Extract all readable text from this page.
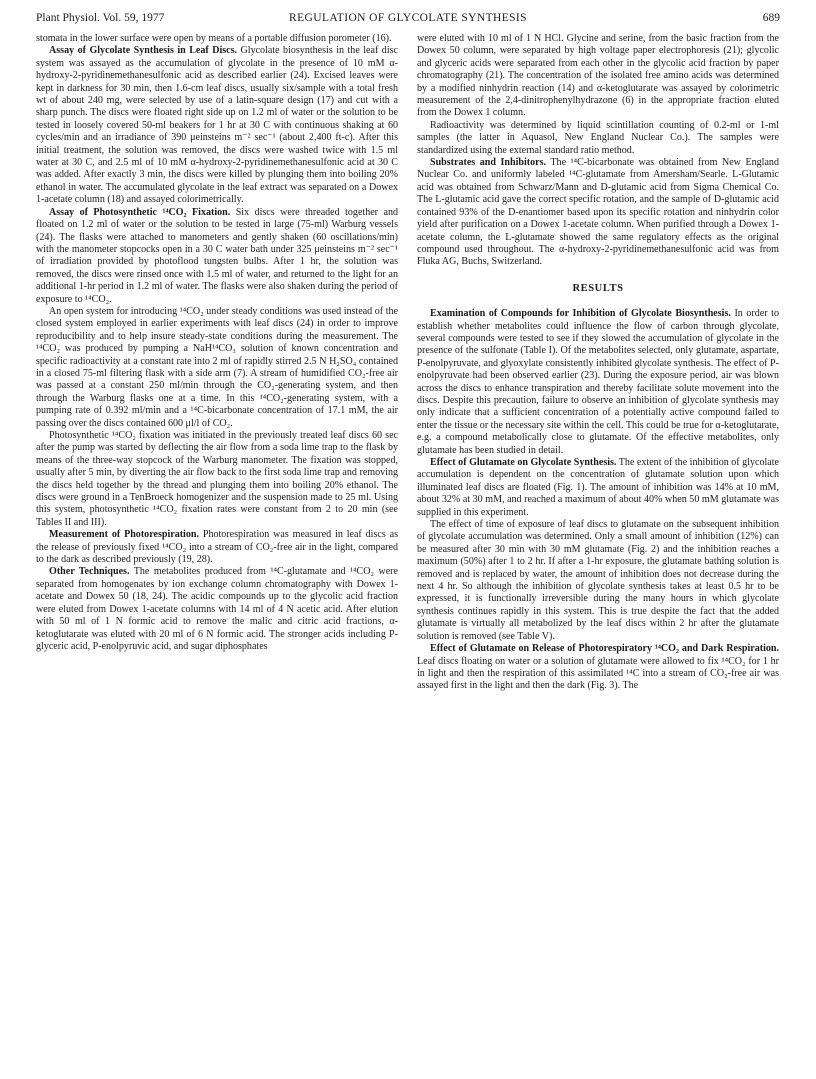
Plant Physiol. Vol. 59, 1977	REGULATION OF GLYCOLATE SYNTHESIS	689

stomata in the lower surface were open by means of a portable diffusion porometer (16).

Assay of Glycolate Synthesis in Leaf Discs. Glycolate biosynthesis in the leaf disc system was assayed as the accumulation of glycolate in the presence of 10 mM α-hydroxy-2-pyridinemethanesulfonic acid as described earlier (24). Excised leaves were kept in darkness for 30 min, then 1.6-cm leaf discs, usually six/sample with a total fresh wt of about 240 mg, were selected by use of a latin-square design (17) and cut with a sharp punch. The discs were floated right side up on 1.2 ml of water or the solution to be tested in loosely covered 50-ml beakers for 1 hr at 30 C with continuous shaking at 60 cycles/min and an irradiance of 390 μeinsteins m⁻² sec⁻¹ (about 2,400 ft-c). After this initial treatment, the solution was removed, the discs were washed twice with 1.5 ml water at 30 C, and 2.5 ml of 10 mM α-hydroxy-2-pyridinemethanesulfonic acid at 30 C was added. After exactly 3 min, the discs were killed by plunging them into boiling 20% ethanol in water. The accumulated glycolate in the leaf extract was separated on a Dowex 1-acetate column (18) and assayed colorimetrically.

Assay of Photosynthetic ¹⁴CO₂ Fixation. Six discs were threaded together and floated on 1.2 ml of water or the solution to be tested in large (75-ml) Warburg vessels (24). The flasks were attached to manometers and gently shaken (60 oscillations/min) with the manometer stopcocks open in a 30 C water bath under 325 μeinsteins m⁻² sec⁻¹ of irradiation provided by photoflood tungsten bulbs. After 1 hr, the solution was removed, the discs were rinsed once with 1.5 ml of water, and returned to the light for an additional 1-hr period in 1.2 ml of water. The flasks were also shaken during the period of exposure to ¹⁴CO₂.

An open system for introducing ¹⁴CO₂ under steady conditions was used instead of the closed system employed in earlier experiments with leaf discs (24) in order to improve reproducibility and to help insure steady-state conditions during the measurement. The ¹⁴CO₂ was produced by pumping a NaH¹⁴CO₃ solution of known concentration and specific radioactivity at a constant rate into 2 ml of rapidly stirred 2.5 N H₂SO₄ contained in a closed 75-ml filtering flask with a side arm (7). A stream of humidified CO₂-free air was passed at a constant 250 ml/min through the CO₂-generating system, and then through the Warburg flasks one at a time. In this ¹⁴CO₂-generating system, with a pumping rate of 0.392 ml/min and a ¹⁴C-bicarbonate concentration of 17.1 mM, the air passing over the discs contained 600 μl/l of CO₂.

Photosynthetic ¹⁴CO₂ fixation was initiated in the previously treated leaf discs 60 sec after the pump was started by deflecting the air flow from a soda lime trap to the flask by means of the three-way stopcock of the Warburg manometer. The fixation was stopped, usually after 5 min, by diverting the air flow back to the first soda lime trap and removing the discs held together by the thread and plunging them into boiling 20% ethanol. The discs were ground in a TenBroeck homogenizer and the suspension made to 25 ml. Using this system, photosynthetic ¹⁴CO₂ fixation rates were constant from 2 to 20 min (see Tables II and III).

Measurement of Photorespiration. Photorespiration was measured in leaf discs as the release of previously fixed ¹⁴CO₂ into a stream of CO₂-free air in the light, compared to the dark as described previously (19, 28).

Other Techniques. The metabolites produced from ¹⁴C-glutamate and ¹⁴CO₂ were separated from homogenates by ion exchange column chromatography with Dowex 1-acetate and Dowex 50 (18, 24). The acidic compounds up to the glycolic acid fraction were eluted from Dowex 1-acetate columns with 14 ml of 4 N acetic acid. After elution with 50 ml of 1 N formic acid to remove the malic and citric acid fractions, α-ketoglutarate was eluted with 20 ml of 6 N formic acid. The stronger acids including P-glyceric acid, P-enolpyruvic acid, and sugar diphosphates

were eluted with 10 ml of 1 N HCl. Glycine and serine, from the basic fraction from the Dowex 50 column, were separated by high voltage paper electrophoresis (21); glycolic and glyceric acids were separated from each other in the glycolic acid fraction by paper chromatography (21). The concentration of the isolated free amino acids was determined by a modified ninhydrin reaction (14) and α-ketoglutarate was assayed by colorimetric measurement of the 2,4-dinitrophenylhydrazone (6) in the appropriate fraction eluted from the Dowex 1 column.

Radioactivity was determined by liquid scintillation counting of 0.2-ml or 1-ml samples (the latter in Aquasol, New England Nuclear Co.). The samples were standardized using the external standard ratio method.

Substrates and Inhibitors. The ¹⁴C-bicarbonate was obtained from New England Nuclear Co. and uniformly labeled ¹⁴C-glutamate from Amersham/Searle. L-Glutamic acid was obtained from Schwarz/Mann and D-glutamic acid from Sigma Chemical Co. The L-glutamic acid gave the correct specific rotation, and the sample of D-glutamic acid contained 93% of the D-enantiomer based upon its specific rotation and ninhydrin color yield after purification on a Dowex 1-acetate column. When purified through a Dowex 1-acetate column, the L-glutamate showed the same regulatory effects as the original compound used throughout. The α-hydroxy-2-pyridinemethanesulfonic acid was from Fluka AG, Buchs, Switzerland.

RESULTS

Examination of Compounds for Inhibition of Glycolate Biosynthesis. In order to establish whether metabolites could influence the flow of carbon through glycolate, several compounds were tested to see if they slowed the accumulation of glycolate in the presence of the sulfonate (Table I). Of the metabolites selected, only glutamate, aspartate, P-enolpyruvate, and glyoxylate consistently inhibited glycolate synthesis. The effect of P-enolpyruvate had been observed earlier (23). During the exposure period, air was blown across the discs to enhance transpiration and thereby facilitate solute movement into the discs. Despite this precaution, failure to observe an inhibition of glycolate synthesis may only indicate that a sufficient concentration of a potentially active compound failed to enter the tissue or the necessary site within the cell. This could be true for α-ketoglutarate, e.g. a compound metabolically close to glutamate. Of the effective metabolites, only glutamate has been studied in detail.

Effect of Glutamate on Glycolate Synthesis. The extent of the inhibition of glycolate accumulation is dependent on the concentration of glutamate solution upon which illuminated leaf discs are floated (Fig. 1). The amount of inhibition was 14% at 10 mM, about 32% at 30 mM, and reached a maximum of about 40% when 50 mM glutamate was supplied in this experiment.

The effect of time of exposure of leaf discs to glutamate on the subsequent inhibition of glycolate accumulation was determined. Only a small amount of inhibition (12%) can be measured after 30 min with 30 mM glutamate (Fig. 2) and the inhibition reaches a maximum (50%) after 1 to 2 hr. If after a 1-hr exposure, the glutamate bathing solution is removed and is replaced by water, the amount of inhibition does not decrease during the next 4 hr. So although the inhibition of glycolate synthesis takes at least 0.5 hr to be expressed, it is functionally irreversible during the many hours in which glycolate synthesis continues rapidly in this system. This is true despite the fact that the added glutamate is virtually all metabolized by the leaf discs within 2 hr after the glutamate solution is removed (see Table V).

Effect of Glutamate on Release of Photorespiratory ¹⁴CO₂ and Dark Respiration. Leaf discs floating on water or a solution of glutamate were allowed to fix ¹⁴CO₂ for 1 hr in light and then the respiration of this assimilated ¹⁴C into a stream of CO₂-free air was assayed first in the light and then the dark (Fig. 3). The
